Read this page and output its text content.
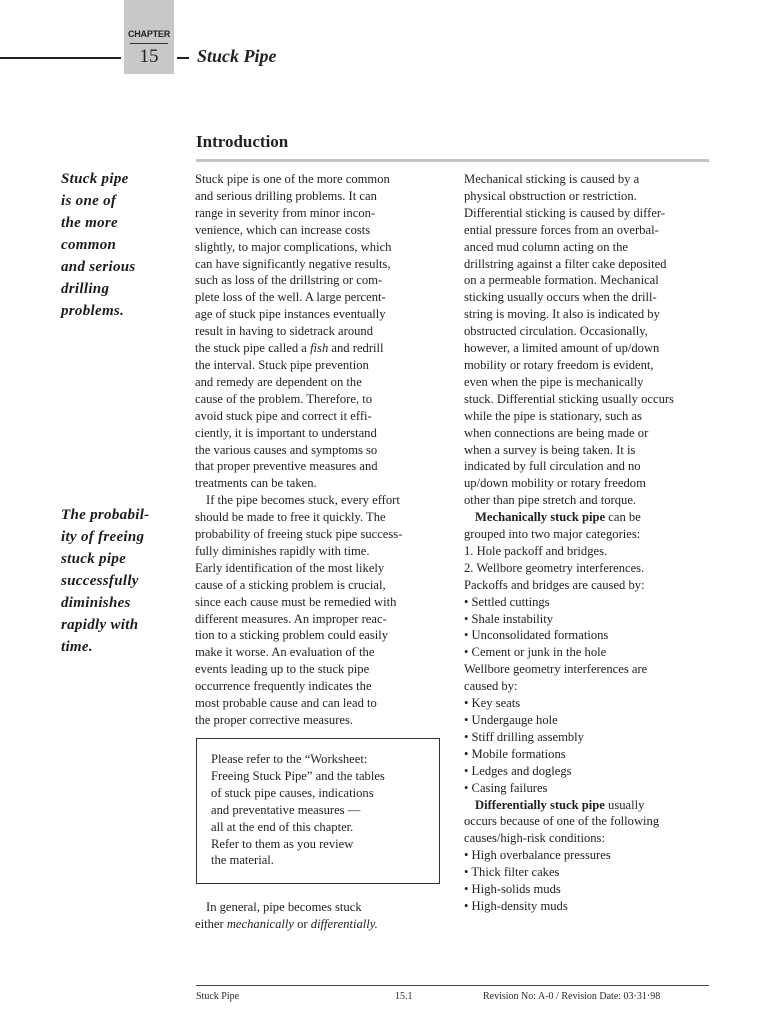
CHAPTER
15	Stuck Pipe
Introduction
Stuck pipe
is one of
the more
common
and serious
drilling
problems.
The probabil-
ity of freeing
stuck pipe
successfully
diminishes
rapidly with
time.
Stuck pipe is one of the more common
and serious drilling problems. It can
range in severity from minor incon-
venience, which can increase costs
slightly, to major complications, which
can have significantly negative results,
such as loss of the drillstring or com-
plete loss of the well. A large percent-
age of stuck pipe instances eventually
result in having to sidetrack around
the stuck pipe called a fish and redrill
the interval. Stuck pipe prevention
and remedy are dependent on the
cause of the problem. Therefore, to
avoid stuck pipe and correct it effi-
ciently, it is important to understand
the various causes and symptoms so
that proper preventive measures and
treatments can be taken.
If the pipe becomes stuck, every effort
should be made to free it quickly. The
probability of freeing stuck pipe success-
fully diminishes rapidly with time.
Early identification of the most likely
cause of a sticking problem is crucial,
since each cause must be remedied with
different measures. An improper reac-
tion to a sticking problem could easily
make it worse. An evaluation of the
events leading up to the stuck pipe
occurrence frequently indicates the
most probable cause and can lead to
the proper corrective measures.
Please refer to the “Worksheet:
Freeing Stuck Pipe” and the tables
of stuck pipe causes, indications
and preventative measures —
all at the end of this chapter.
Refer to them as you review
the material.
In general, pipe becomes stuck
either mechanically or differentially.
Mechanical sticking is caused by a
physical obstruction or restriction.
Differential sticking is caused by differ-
ential pressure forces from an overbal-
anced mud column acting on the
drillstring against a filter cake deposited
on a permeable formation. Mechanical
sticking usually occurs when the drill-
string is moving. It also is indicated by
obstructed circulation. Occasionally,
however, a limited amount of up/down
mobility or rotary freedom is evident,
even when the pipe is mechanically
stuck. Differential sticking usually occurs
while the pipe is stationary, such as
when connections are being made or
when a survey is being taken. It is
indicated by full circulation and no
up/down mobility or rotary freedom
other than pipe stretch and torque.
Mechanically stuck pipe can be
grouped into two major categories:
1. Hole packoff and bridges.
2. Wellbore geometry interferences.
Packoffs and bridges are caused by:
• Settled cuttings
• Shale instability
• Unconsolidated formations
• Cement or junk in the hole
Wellbore geometry interferences are
caused by:
• Key seats
• Undergauge hole
• Stiff drilling assembly
• Mobile formations
• Ledges and doglegs
• Casing failures
Differentially stuck pipe usually
occurs because of one of the following
causes/high-risk conditions:
• High overbalance pressures
• Thick filter cakes
• High-solids muds
• High-density muds
Stuck Pipe	15.1	Revision No: A-0 / Revision Date: 03·31·98
